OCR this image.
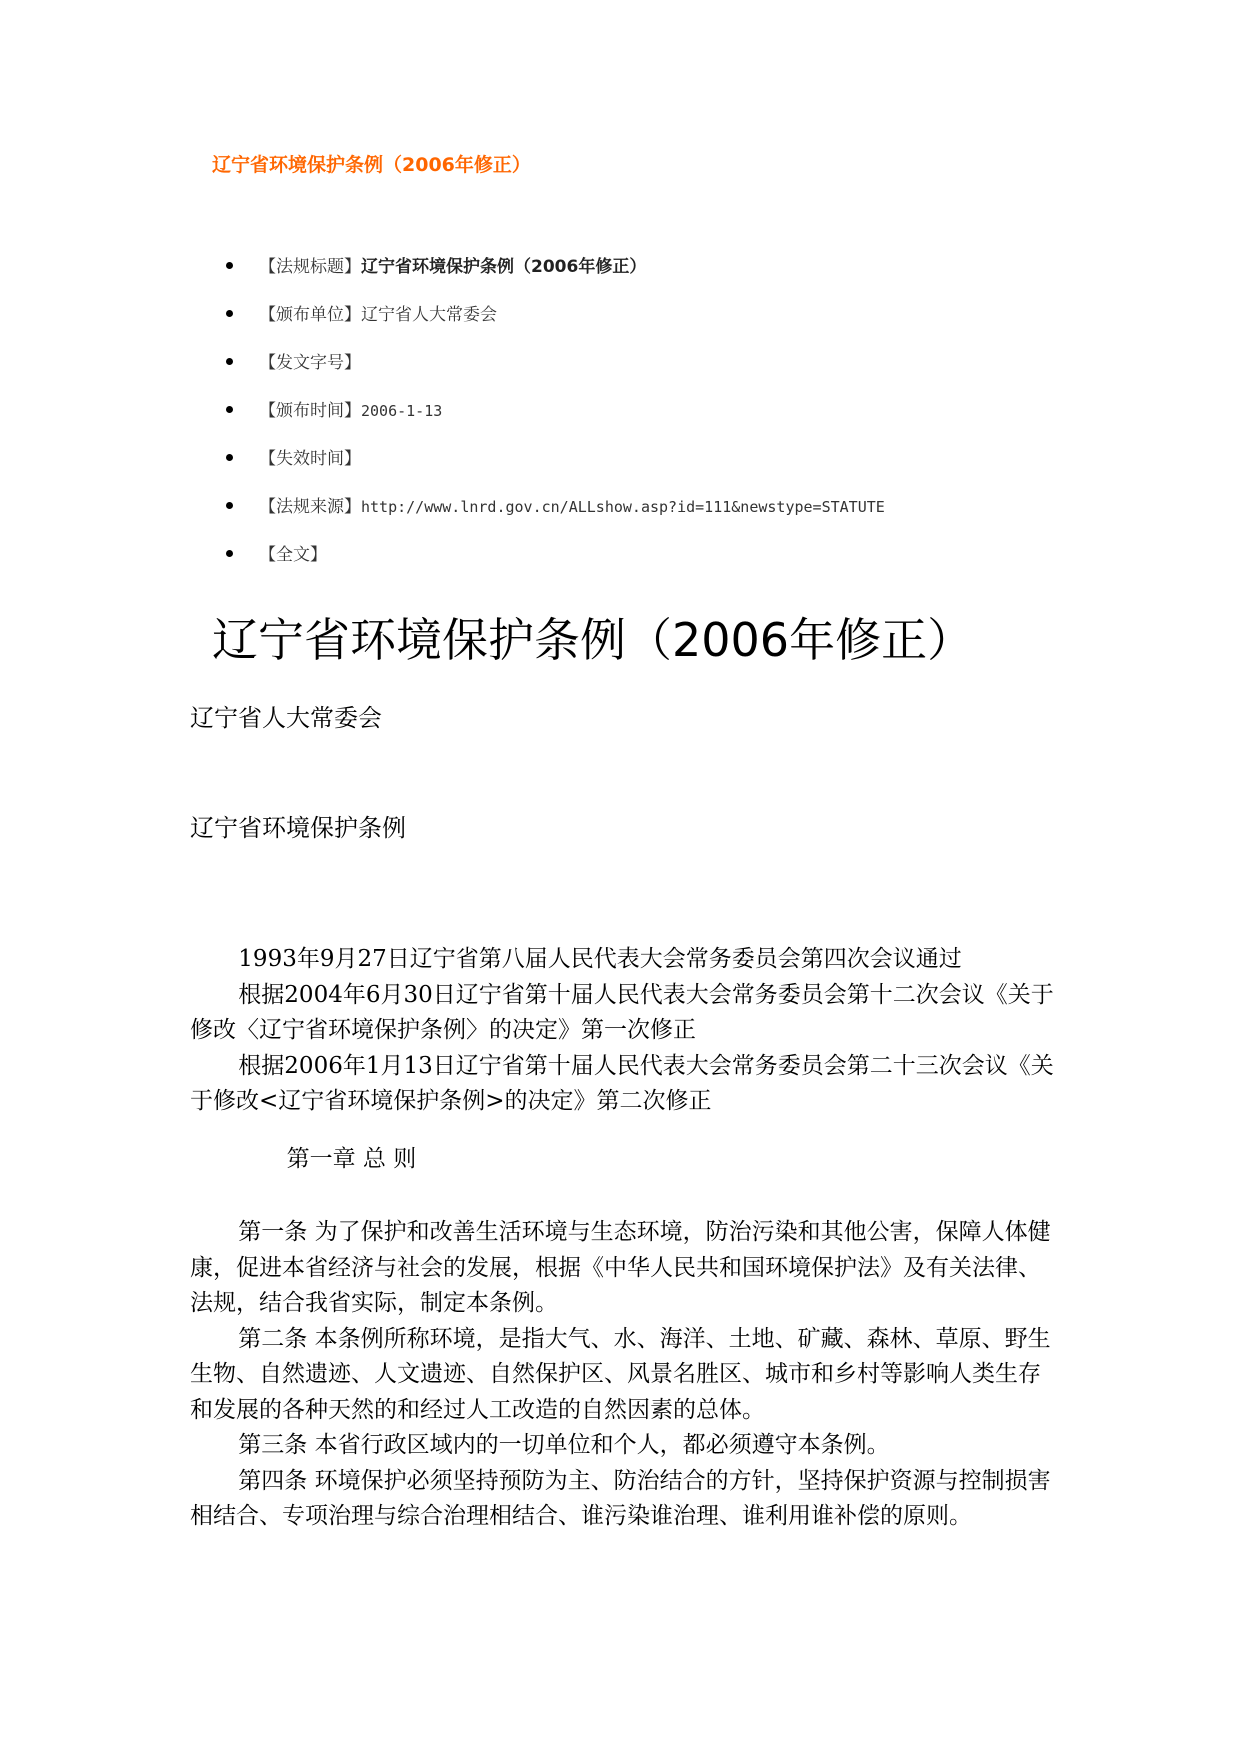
辽宁省环境保护条例（2006年修正）
【法规标题】辽宁省环境保护条例（2006年修正）
【颁布单位】辽宁省人大常委会
【发文字号】
【颁布时间】2006-1-13
【失效时间】
【法规来源】http://www.lnrd.gov.cn/ALLshow.asp?id=111&newstype=STATUTE
【全文】
辽宁省环境保护条例（2006年修正）
辽宁省人大常委会
辽宁省环境保护条例

1993年9月27日辽宁省第八届人民代表大会常务委员会第四次会议通过

根据2004年6月30日辽宁省第十届人民代表大会常务委员会第十二次会议《关于修改〈辽宁省环境保护条例〉的决定》第一次修正

根据2006年1月13日辽宁省第十届人民代表大会常务委员会第二十三次会议《关于修改<辽宁省环境保护条例>的决定》第二次修正

第一章 总 则

第一条 为了保护和改善生活环境与生态环境，防治污染和其他公害，保障人体健康，促进本省经济与社会的发展，根据《中华人民共和国环境保护法》及有关法律、法规，结合我省实际，制定本条例。

第二条 本条例所称环境，是指大气、水、海洋、土地、矿藏、森林、草原、野生生物、自然遗迹、人文遗迹、自然保护区、风景名胜区、城市和乡村等影响人类生存和发展的各种天然的和经过人工改造的自然因素的总体。

第三条 本省行政区域内的一切单位和个人，都必须遵守本条例。

第四条 环境保护必须坚持预防为主、防治结合的方针，坚持保护资源与控制损害相结合、专项治理与综合治理相结合、谁污染谁治理、谁利用谁补偿的原则。
